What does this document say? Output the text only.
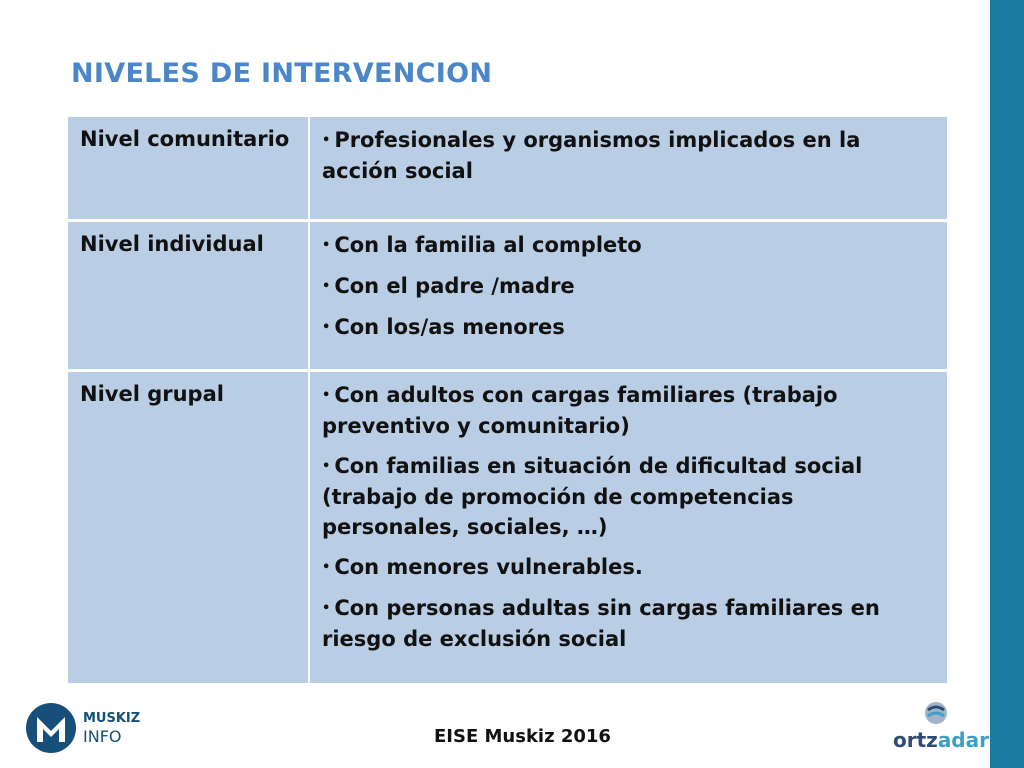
NIVELES DE INTERVENCION
Nivel comunitario	• Profesionales y organismos implicados en la acción social
Nivel individual	• Con la familia al completo
• Con el padre /madre
• Con los/as menores
Nivel grupal	• Con adultos con cargas familiares (trabajo preventivo y comunitario)
• Con familias en situación de dificultad social (trabajo de promoción de competencias personales, sociales, …)
• Con menores vulnerables.
• Con personas adultas sin cargas familiares en riesgo de exclusión social
MUSKIZ
INFO	EISE Muskiz 2016	ortzadar
